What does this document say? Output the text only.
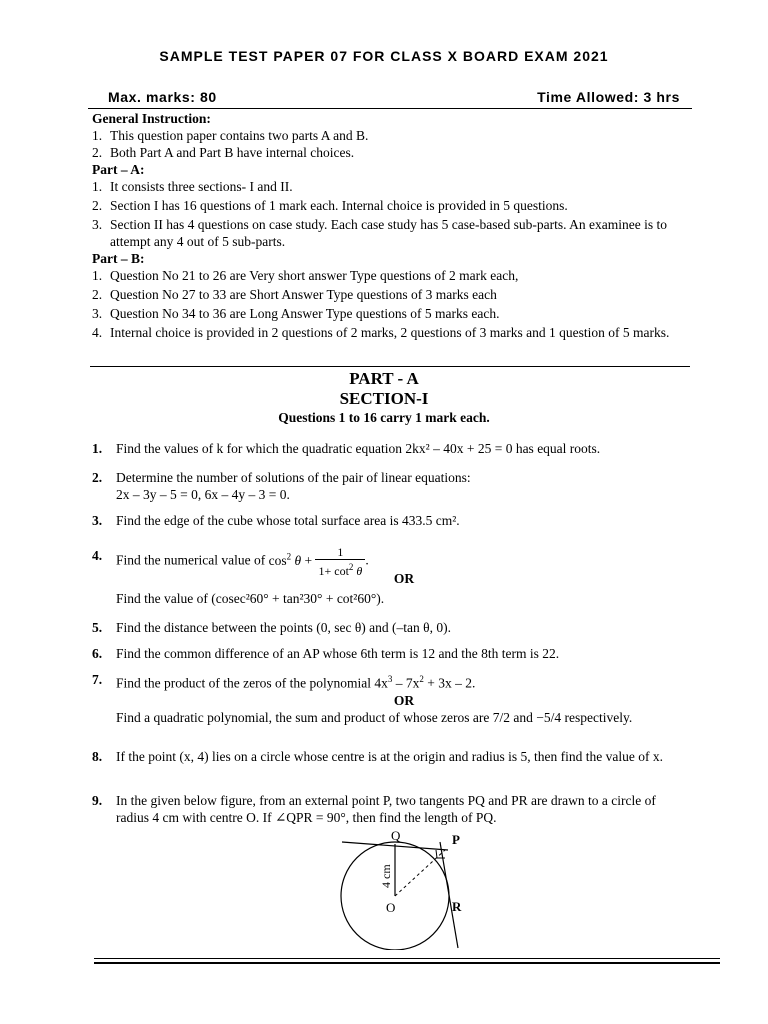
SAMPLE TEST PAPER 07 FOR CLASS X BOARD EXAM 2021
Max. marks: 80	Time Allowed: 3 hrs
General Instruction:
1. This question paper contains two parts A and B.
2. Both Part A and Part B have internal choices.
Part – A:
1. It consists three sections- I and II.
2. Section I has 16 questions of 1 mark each. Internal choice is provided in 5 questions.
3. Section II has 4 questions on case study. Each case study has 5 case-based sub-parts. An examinee is to attempt any 4 out of 5 sub-parts.
Part – B:
1. Question No 21 to 26 are Very short answer Type questions of 2 mark each,
2. Question No 27 to 33 are Short Answer Type questions of 3 marks each
3. Question No 34 to 36 are Long Answer Type questions of 5 marks each.
4. Internal choice is provided in 2 questions of 2 marks, 2 questions of 3 marks and 1 question of 5 marks.
PART - A
SECTION-I
Questions 1 to 16 carry 1 mark each.
1. Find the values of k for which the quadratic equation 2kx² – 40x + 25 = 0 has equal roots.
2. Determine the number of solutions of the pair of linear equations:
2x – 3y – 5 = 0, 6x – 4y – 3 = 0.
3. Find the edge of the cube whose total surface area is 433.5 cm².
4. Find the numerical value of $\cos^2 \theta + \frac{1}{1+ \cot^2 \theta}$ .
OR
Find the value of (cosec²60° + tan²30° + cot²60°).
5. Find the distance between the points (0, sec θ) and (–tan θ, 0).
6. Find the common difference of an AP whose 6th term is 12 and the 8th term is 22.
7. Find the product of the zeros of the polynomial $4x^3 - 7x^2 + 3x - 2$.
OR
Find a quadratic polynomial, the sum and product of whose zeros are 7/2 and −5/4 respectively.
8. If the point (x, 4) lies on a circle whose centre is at the origin and radius is 5, then find the value of x.
9. In the given below figure, from an external point P, two tangents PQ and PR are drawn to a circle of radius 4 cm with centre O. If ∠QPR = 90°, then find the length of PQ.
Q	P
O	R
4 cm
